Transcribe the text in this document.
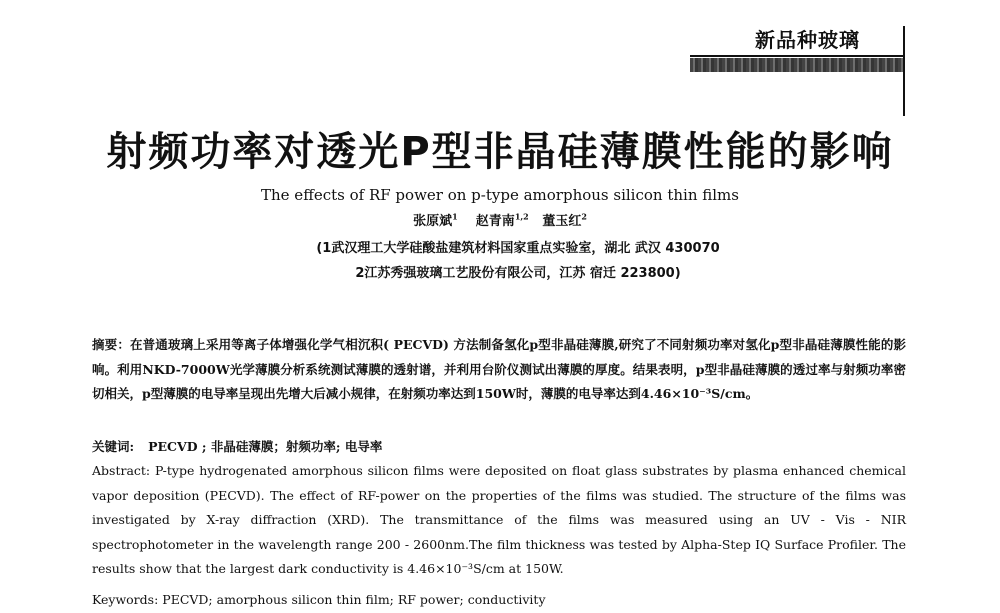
新品种玻璃
射频功率对透光P型非晶硅薄膜性能的影响
The effects of RF power on p-type amorphous silicon thin films
张原斌$^1$ 赵青南$^{1,2}$ 董玉红$^2$
(1武汉理工大学硅酸盐建筑材料国家重点实验室，湖北 武汉 430070
2江苏秀强玻璃工艺股份有限公司，江苏 宿迁 223800)
摘要：在普通玻璃上采用等离子体增强化学气相沉积( PECVD) 方法制备氢化p型非晶硅薄膜,研究了不同射频功率对氢化p型非晶硅薄膜性能的影响。利用NKD-7000W光学薄膜分析系统测试薄膜的透射谱，并利用台阶仪测试出薄膜的厚度。结果表明，p型非晶硅薄膜的透过率与射频功率密切相关，p型薄膜的电导率呈现出先增大后减小规律，在射频功率达到150W时，薄膜的电导率达到4.46×10⁻³S/cm。
关键词: PECVD ; 非晶硅薄膜；射频功率; 电导率
Abstract: P-type hydrogenated amorphous silicon films were deposited on float glass substrates by plasma enhanced chemical vapor deposition (PECVD). The effect of RF-power on the properties of the films was studied. The structure of the films was investigated by X-ray diffraction (XRD). The transmittance of the films was measured using an UV - Vis - NIR spectrophotometer in the wavelength range 200 - 2600nm.The film thickness was tested by Alpha-Step IQ Surface Profiler. The results show that the largest dark conductivity is 4.46×10⁻³S/cm at 150W.
Keywords: PECVD; amorphous silicon thin film; RF power; conductivity
